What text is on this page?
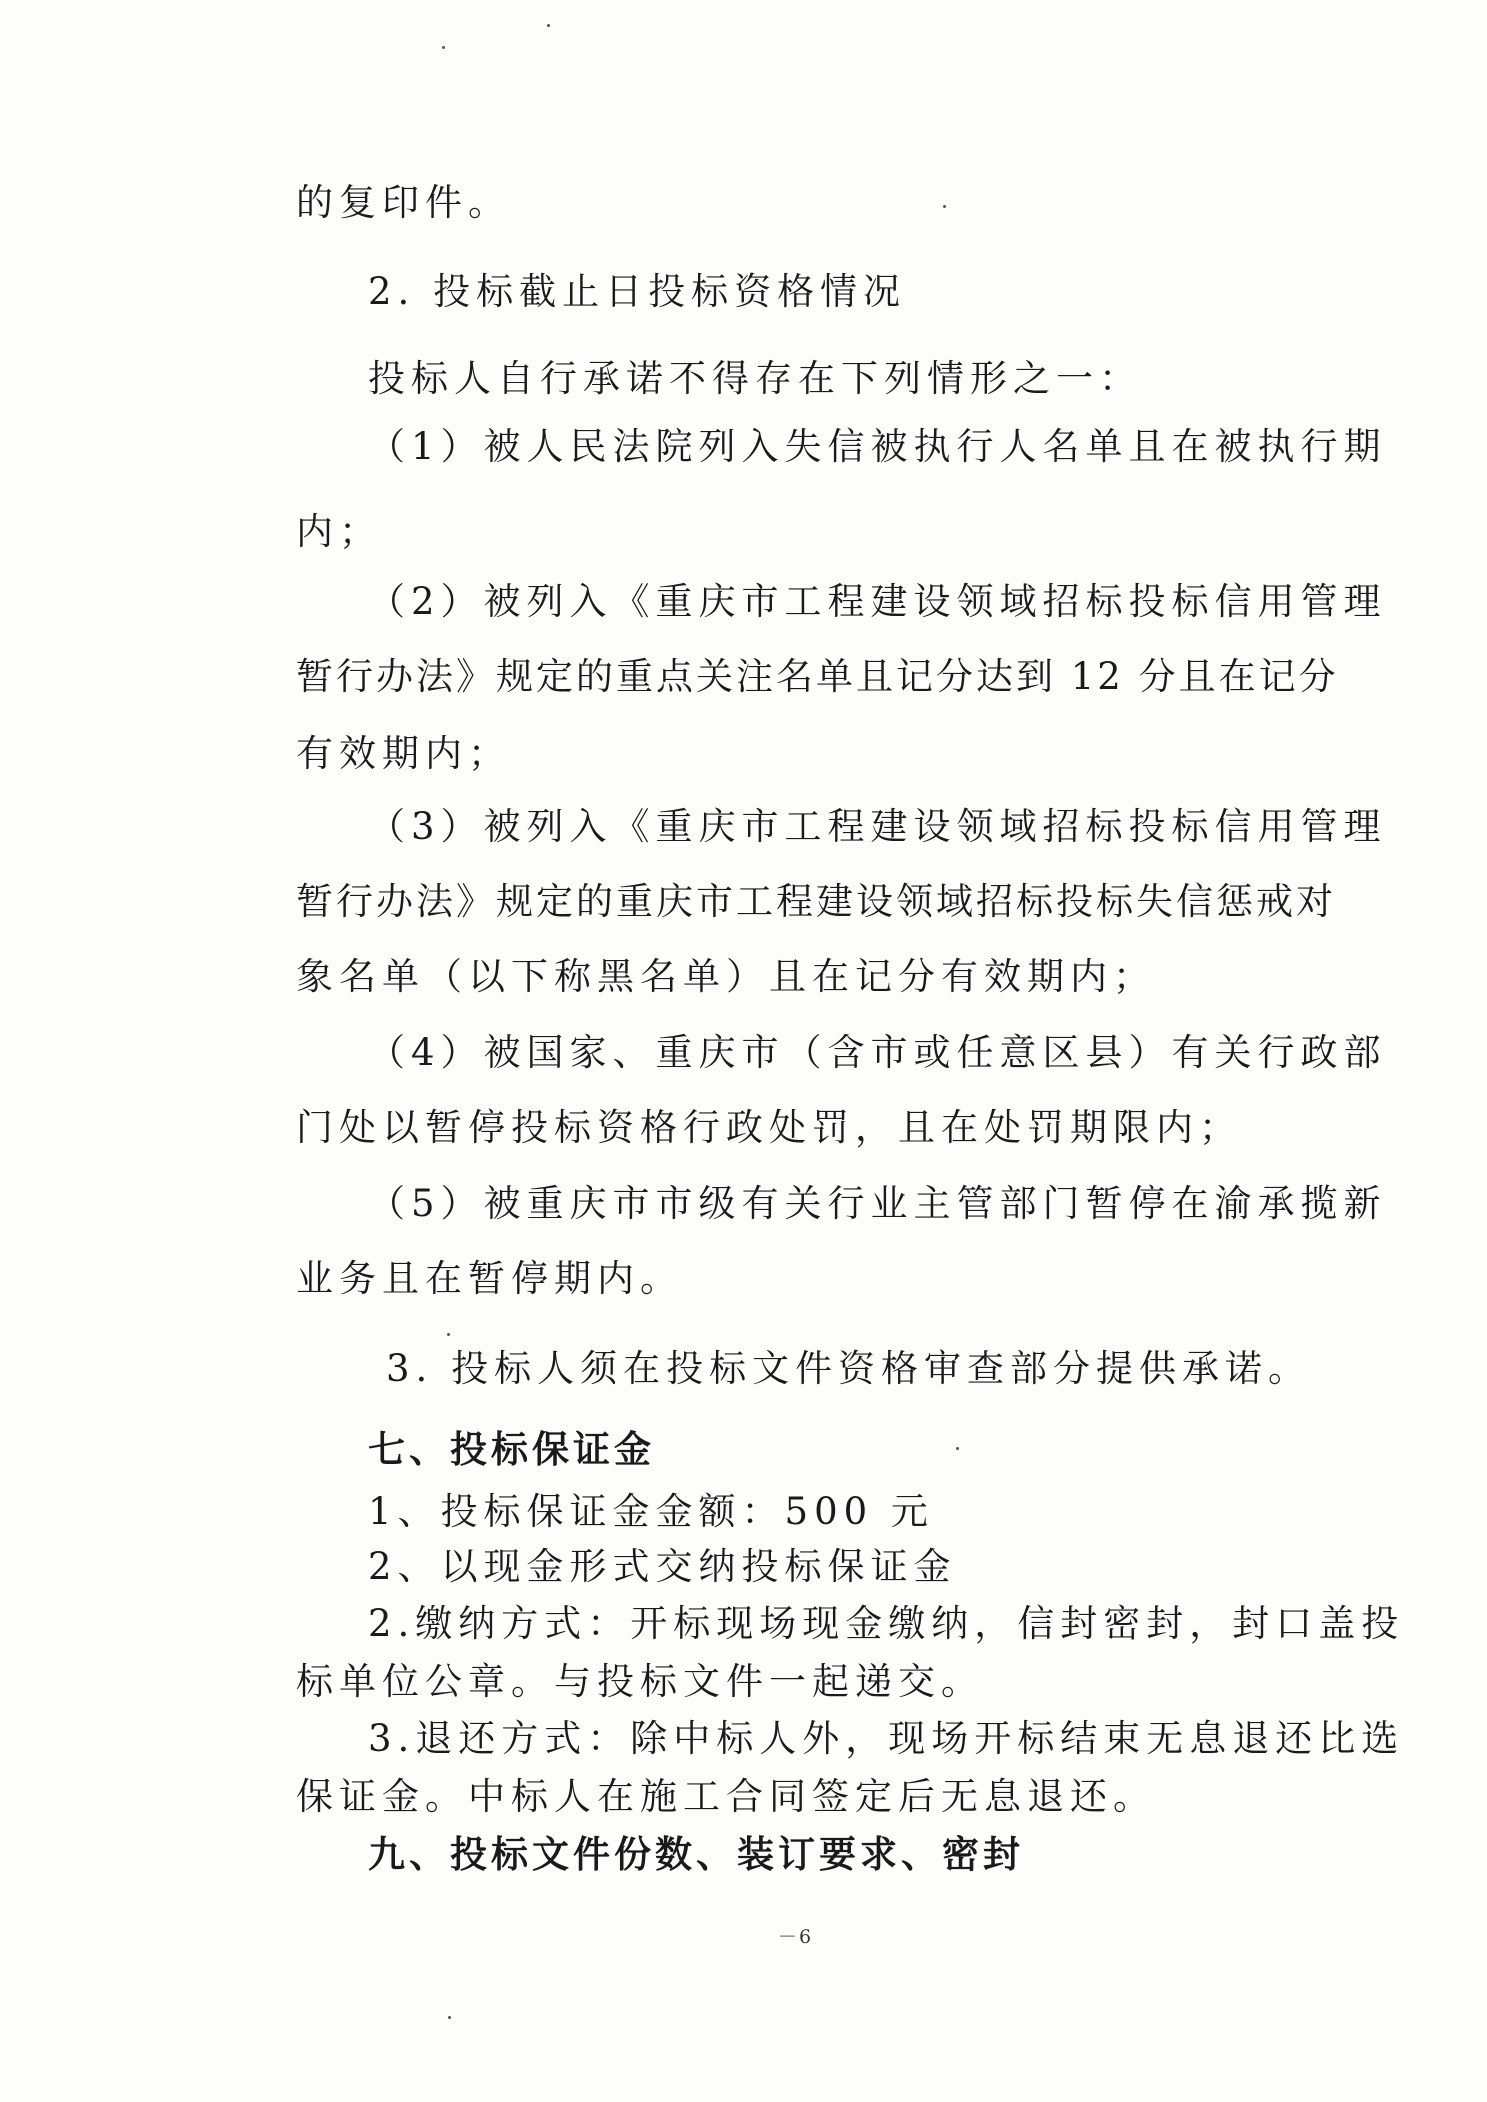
的复印件。
2. 投标截止日投标资格情况
投标人自行承诺不得存在下列情形之一：
（1）被人民法院列入失信被执行人名单且在被执行期
内；
（2）被列入《重庆市工程建设领域招标投标信用管理
暂行办法》规定的重点关注名单且记分达到 12 分且在记分
有效期内；
（3）被列入《重庆市工程建设领域招标投标信用管理
暂行办法》规定的重庆市工程建设领域招标投标失信惩戒对
象名单（以下称黑名单）且在记分有效期内；
（4）被国家、重庆市（含市或任意区县）有关行政部
门处以暂停投标资格行政处罚，且在处罚期限内；
（5）被重庆市市级有关行业主管部门暂停在渝承揽新
业务且在暂停期内。
3. 投标人须在投标文件资格审查部分提供承诺。
七、投标保证金
1、投标保证金金额：500 元
2、以现金形式交纳投标保证金
2.缴纳方式：开标现场现金缴纳，信封密封，封口盖投
标单位公章。与投标文件一起递交。
3.退还方式：除中标人外，现场开标结束无息退还比选
保证金。中标人在施工合同签定后无息退还。
九、投标文件份数、装订要求、密封
－6
